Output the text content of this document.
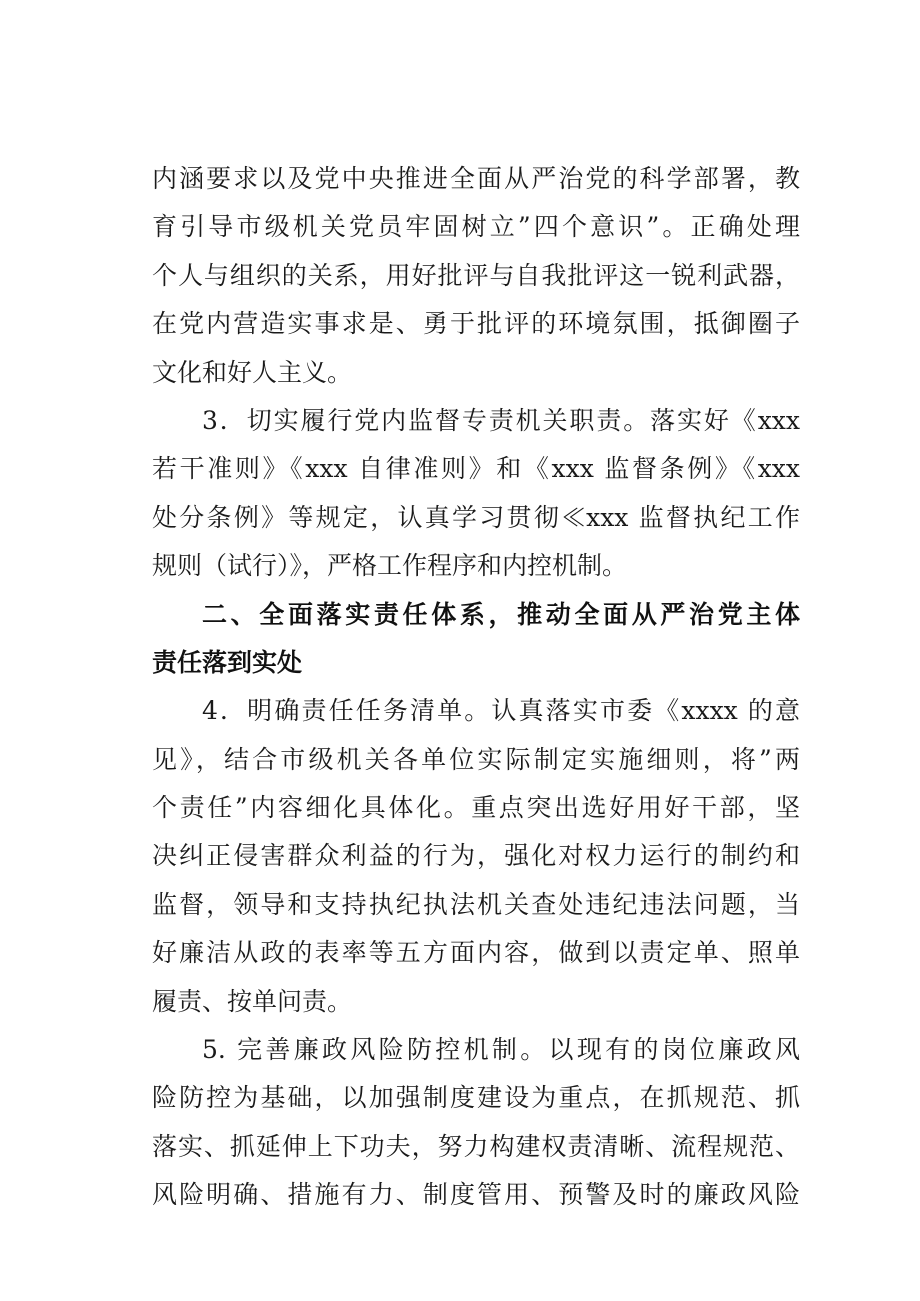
内涵要求以及党中央推进全面从严治党的科学部署，教
育引导市级机关党员牢固树立”四个意识”。正确处理
个人与组织的关系，用好批评与自我批评这一锐利武器，
在党内营造实事求是、勇于批评的环境氛围，抵御圈子
文化和好人主义。
3．切实履行党内监督专责机关职责。落实好《xxx
若干准则》《xxx 自律准则》和《xxx 监督条例》《xxx
处分条例》等规定，认真学习贯彻≪xxx 监督执纪工作
规则（试行）》，严格工作程序和内控机制。
二、全面落实责任体系，推动全面从严治党主体
责任落到实处
4．明确责任任务清单。认真落实市委《xxxx 的意
见》，结合市级机关各单位实际制定实施细则，将”两
个责任”内容细化具体化。重点突出选好用好干部，坚
决纠正侵害群众利益的行为，强化对权力运行的制约和
监督，领导和支持执纪执法机关查处违纪违法问题，当
好廉洁从政的表率等五方面内容，做到以责定单、照单
履责、按单问责。
5. 完善廉政风险防控机制。以现有的岗位廉政风
险防控为基础，以加强制度建设为重点，在抓规范、抓
落实、抓延伸上下功夫，努力构建权责清晰、流程规范、
风险明确、措施有力、制度管用、预警及时的廉政风险
